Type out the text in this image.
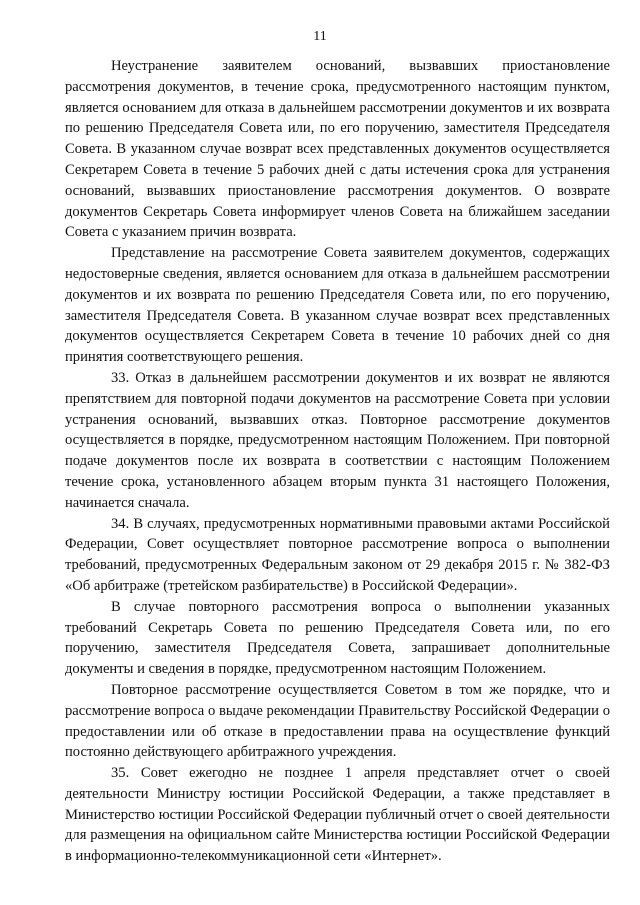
11

Неустранение заявителем оснований, вызвавших приостановление рассмотрения документов, в течение срока, предусмотренного настоящим пунктом, является основанием для отказа в дальнейшем рассмотрении документов и их возврата по решению Председателя Совета или, по его поручению, заместителя Председателя Совета. В указанном случае возврат всех представленных документов осуществляется Секретарем Совета в течение 5 рабочих дней с даты истечения срока для устранения оснований, вызвавших приостановление рассмотрения документов. О возврате документов Секретарь Совета информирует членов Совета на ближайшем заседании Совета с указанием причин возврата.

Представление на рассмотрение Совета заявителем документов, содержащих недостоверные сведения, является основанием для отказа в дальнейшем рассмотрении документов и их возврата по решению Председателя Совета или, по его поручению, заместителя Председателя Совета. В указанном случае возврат всех представленных документов осуществляется Секретарем Совета в течение 10 рабочих дней со дня принятия соответствующего решения.

33. Отказ в дальнейшем рассмотрении документов и их возврат не являются препятствием для повторной подачи документов на рассмотрение Совета при условии устранения оснований, вызвавших отказ. Повторное рассмотрение документов осуществляется в порядке, предусмотренном настоящим Положением. При повторной подаче документов после их возврата в соответствии с настоящим Положением течение срока, установленного абзацем вторым пункта 31 настоящего Положения, начинается сначала.

34. В случаях, предусмотренных нормативными правовыми актами Российской Федерации, Совет осуществляет повторное рассмотрение вопроса о выполнении требований, предусмотренных Федеральным законом от 29 декабря 2015 г. № 382-ФЗ «Об арбитраже (третейском разбирательстве) в Российской Федерации».

В случае повторного рассмотрения вопроса о выполнении указанных требований Секретарь Совета по решению Председателя Совета или, по его поручению, заместителя Председателя Совета, запрашивает дополнительные документы и сведения в порядке, предусмотренном настоящим Положением.

Повторное рассмотрение осуществляется Советом в том же порядке, что и рассмотрение вопроса о выдаче рекомендации Правительству Российской Федерации о предоставлении или об отказе в предоставлении права на осуществление функций постоянно действующего арбитражного учреждения.

35. Совет ежегодно не позднее 1 апреля представляет отчет о своей деятельности Министру юстиции Российской Федерации, а также представляет в Министерство юстиции Российской Федерации публичный отчет о своей деятельности для размещения на официальном сайте Министерства юстиции Российской Федерации в информационно-телекоммуникационной сети «Интернет».
